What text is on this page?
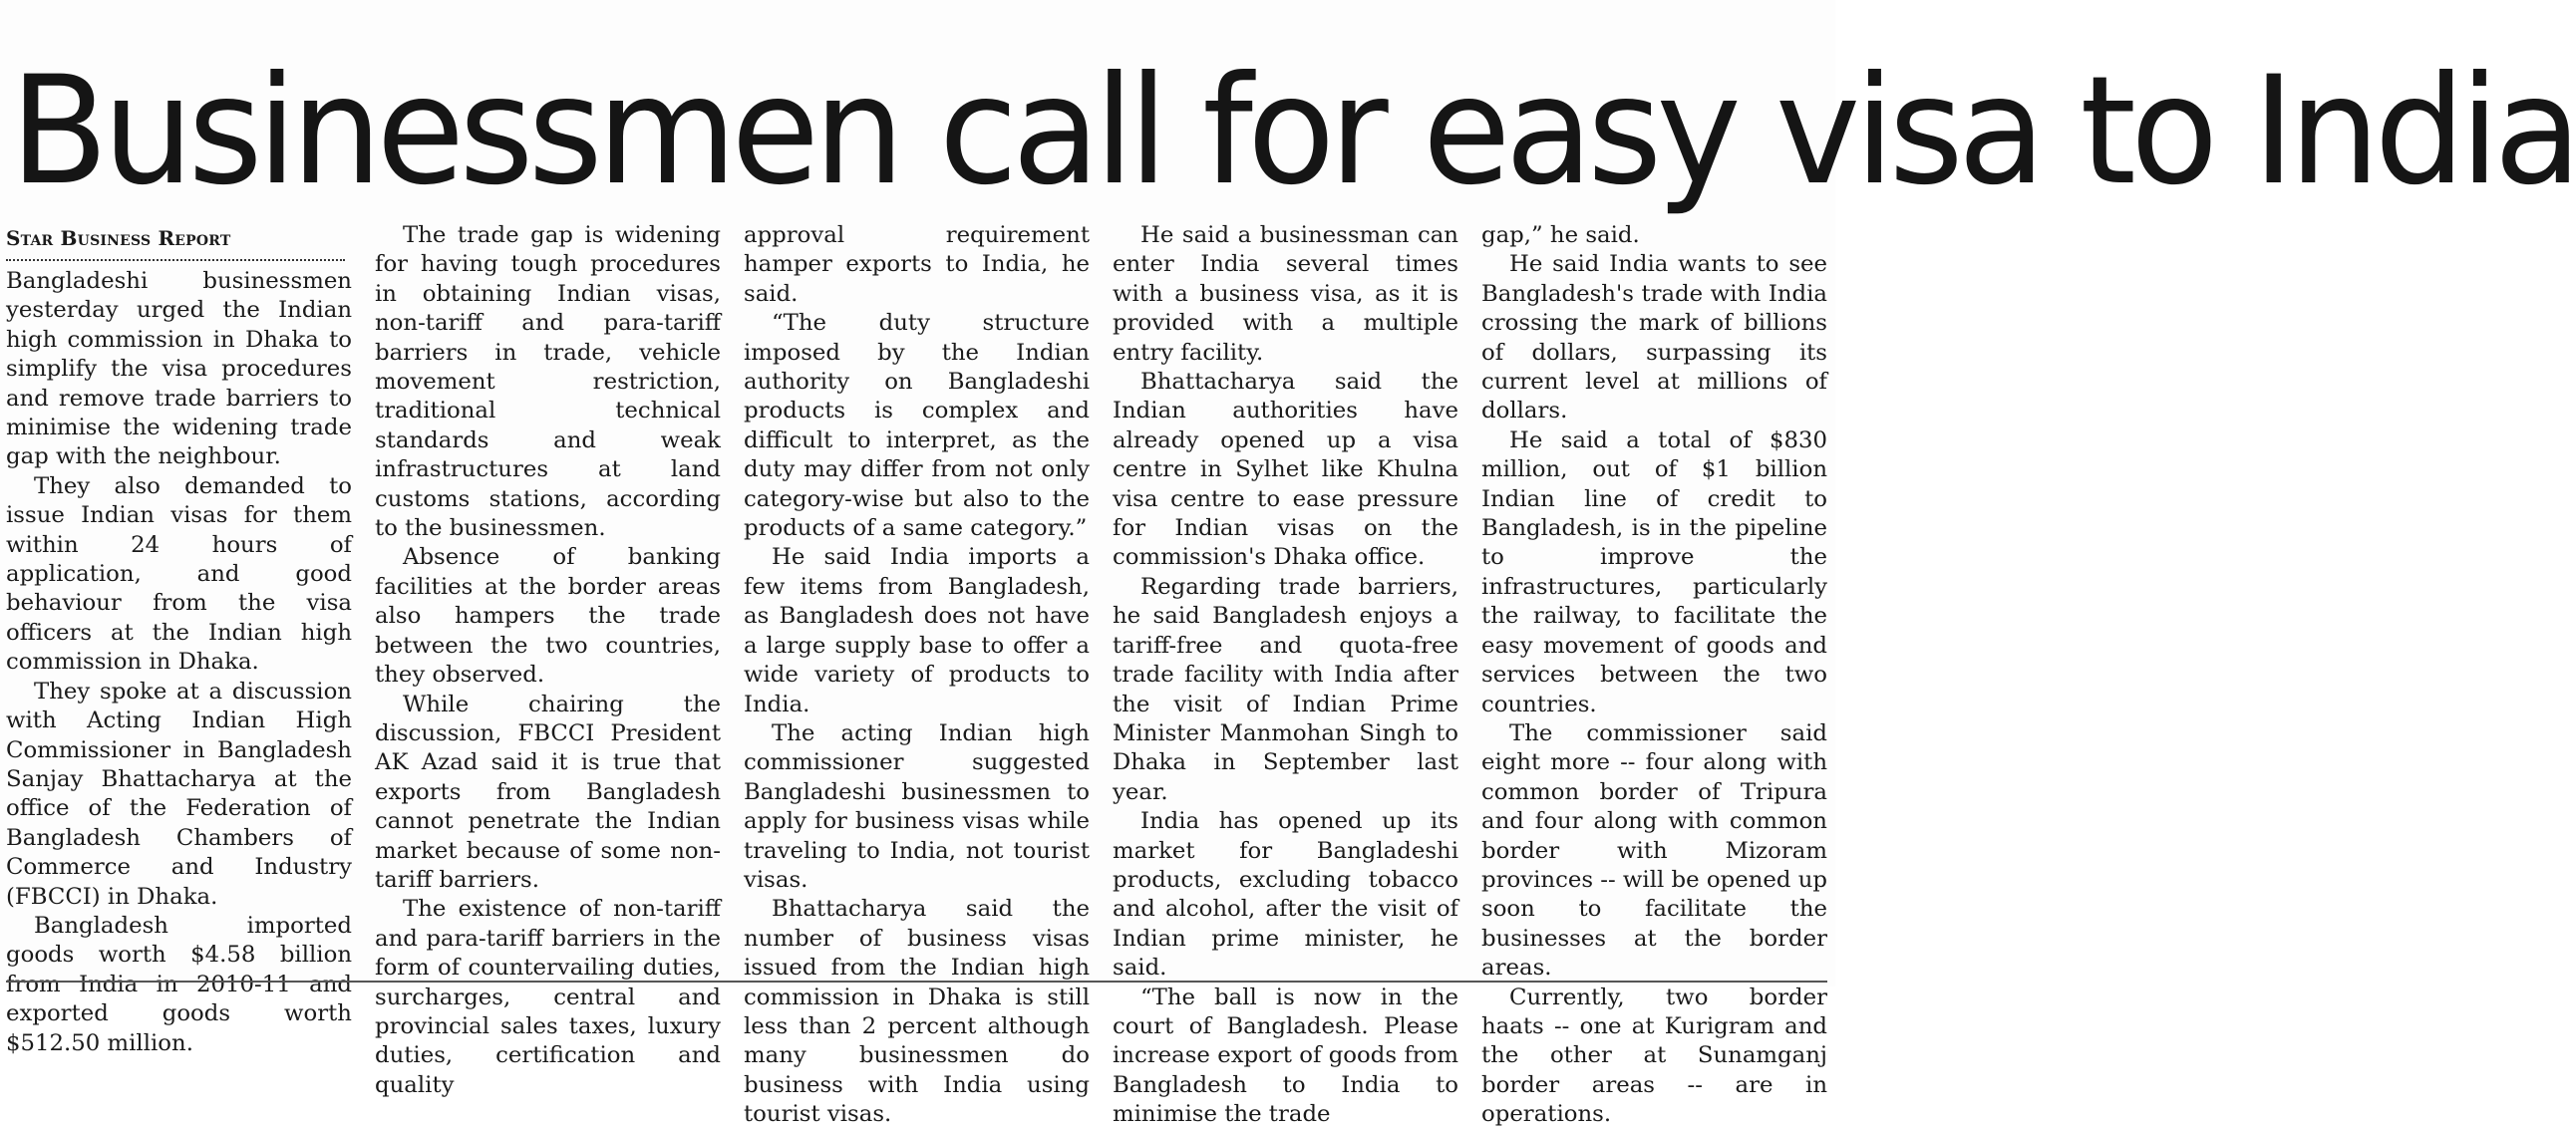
Businessmen call for easy visa to India
Star Business Report

Bangladeshi businessmen yesterday urged the Indian high commission in Dhaka to simplify the visa procedures and remove trade barriers to minimise the widening trade gap with the neighbour.

They also demanded to issue Indian visas for them within 24 hours of application, and good behaviour from the visa officers at the Indian high commission in Dhaka.

They spoke at a discussion with Acting Indian High Commissioner in Bangladesh Sanjay Bhattacharya at the office of the Federation of Bangladesh Chambers of Commerce and Industry (FBCCI) in Dhaka.

Bangladesh imported goods worth $4.58 billion from India in 2010-11 and exported goods worth $512.50 million.

The trade gap is widening for having tough procedures in obtaining Indian visas, non-tariff and para-tariff barriers in trade, vehicle movement restriction, traditional technical standards and weak infrastructures at land customs stations, according to the businessmen.

Absence of banking facilities at the border areas also hampers the trade between the two countries, they observed.

While chairing the discussion, FBCCI President AK Azad said it is true that exports from Bangladesh cannot penetrate the Indian market because of some non-tariff barriers.

The existence of non-tariff and para-tariff barriers in the form of countervailing duties, surcharges, central and provincial sales taxes, luxury duties, certification and quality

approval requirement hamper exports to India, he said.

“The duty structure imposed by the Indian authority on Bangladeshi products is complex and difficult to interpret, as the duty may differ from not only category-wise but also to the products of a same category.”

He said India imports a few items from Bangladesh, as Bangladesh does not have a large supply base to offer a wide variety of products to India.

The acting Indian high commissioner suggested Bangladeshi businessmen to apply for business visas while traveling to India, not tourist visas.

Bhattacharya said the number of business visas issued from the Indian high commission in Dhaka is still less than 2 percent although many businessmen do business with India using tourist visas.

He said a businessman can enter India several times with a business visa, as it is provided with a multiple entry facility.

Bhattacharya said the Indian authorities have already opened up a visa centre in Sylhet like Khulna visa centre to ease pressure for Indian visas on the commission's Dhaka office.

Regarding trade barriers, he said Bangladesh enjoys a tariff-free and quota-free trade facility with India after the visit of Indian Prime Minister Manmohan Singh to Dhaka in September last year.

India has opened up its market for Bangladeshi products, excluding tobacco and alcohol, after the visit of Indian prime minister, he said.

“The ball is now in the court of Bangladesh. Please increase export of goods from Bangladesh to India to minimise the trade

gap,” he said.

He said India wants to see Bangladesh's trade with India crossing the mark of billions of dollars, surpassing its current level at millions of dollars.

He said a total of $830 million, out of $1 billion Indian line of credit to Bangladesh, is in the pipeline to improve the infrastructures, particularly the railway, to facilitate the easy movement of goods and services between the two countries.

The commissioner said eight more -- four along with common border of Tripura and four along with common border with Mizoram provinces -- will be opened up soon to facilitate the businesses at the border areas.

Currently, two border haats -- one at Kurigram and the other at Sunamganj border areas -- are in operations.
